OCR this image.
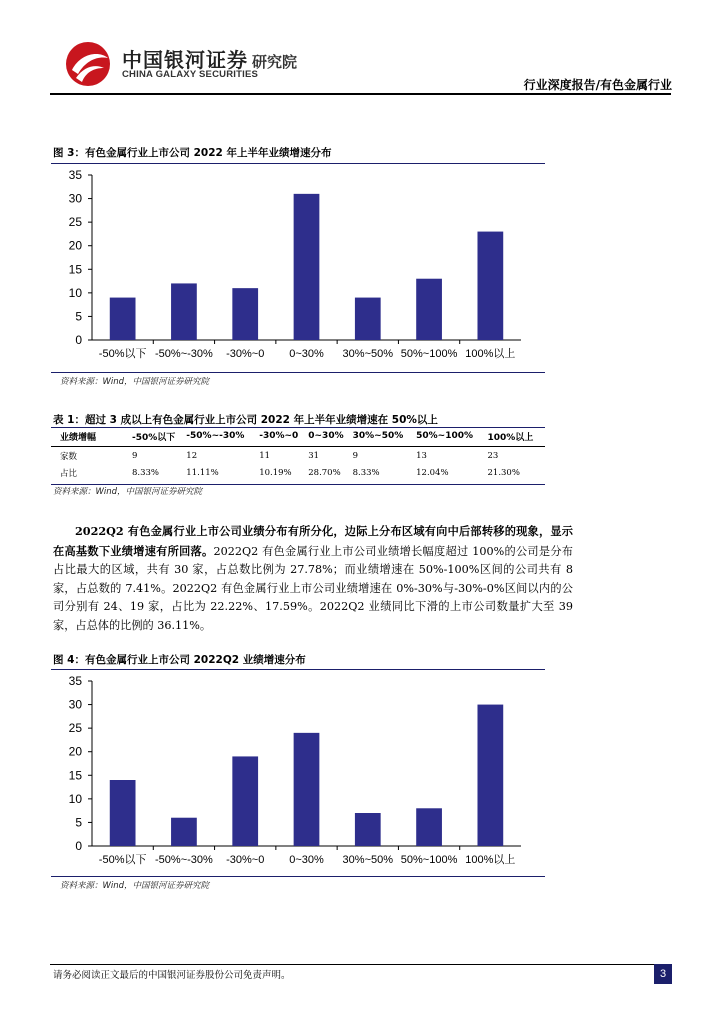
中国银河证券
CHINA GALAXY SECURITIES
研究院
行业深度报告/有色金属行业
图 3：有色金属行业上市公司 2022 年上半年业绩增速分布
0
5
10
15
20
25
30
35
-50%以下 -50%~-30% -30%~0 0~30% 30%~50% 50%~100% 100%以上
资料来源：Wind，中国银河证券研究院
表 1：超过 3 成以上有色金属行业上市公司 2022 年上半年业绩增速在 50%以上
业绩增幅	-50%以下	-50%~-30%	-30%~0	0~30%	30%~50%	50%~100%	100%以上
家数	9	12	11	31	9	13	23
占比	8.33%	11.11%	10.19%	28.70%	8.33%	12.04%	21.30%
资料来源：Wind，中国银河证券研究院
2022Q2 有色金属行业上市公司业绩分布有所分化，边际上分布区域有向中后部转移的现象，显示在高基数下业绩增速有所回落。2022Q2 有色金属行业上市公司业绩增长幅度超过 100%的公司是分布占比最大的区域，共有 30 家，占总数比例为 27.78%；而业绩增速在 50%-100%区间的公司共有 8 家，占总数的 7.41%。2022Q2 有色金属行业上市公司业绩增速在 0%-30%与-30%-0%区间以内的公司分别有 24、19 家，占比为 22.22%、17.59%。2022Q2 业绩同比下滑的上市公司数量扩大至 39 家，占总体的比例的 36.11%。
图 4：有色金属行业上市公司 2022Q2 业绩增速分布
0
5
10
15
20
25
30
35
-50%以下 -50%~-30% -30%~0 0~30% 30%~50% 50%~100% 100%以上
资料来源：Wind，中国银河证券研究院
请务必阅读正文最后的中国银河证券股份公司免责声明。	3
